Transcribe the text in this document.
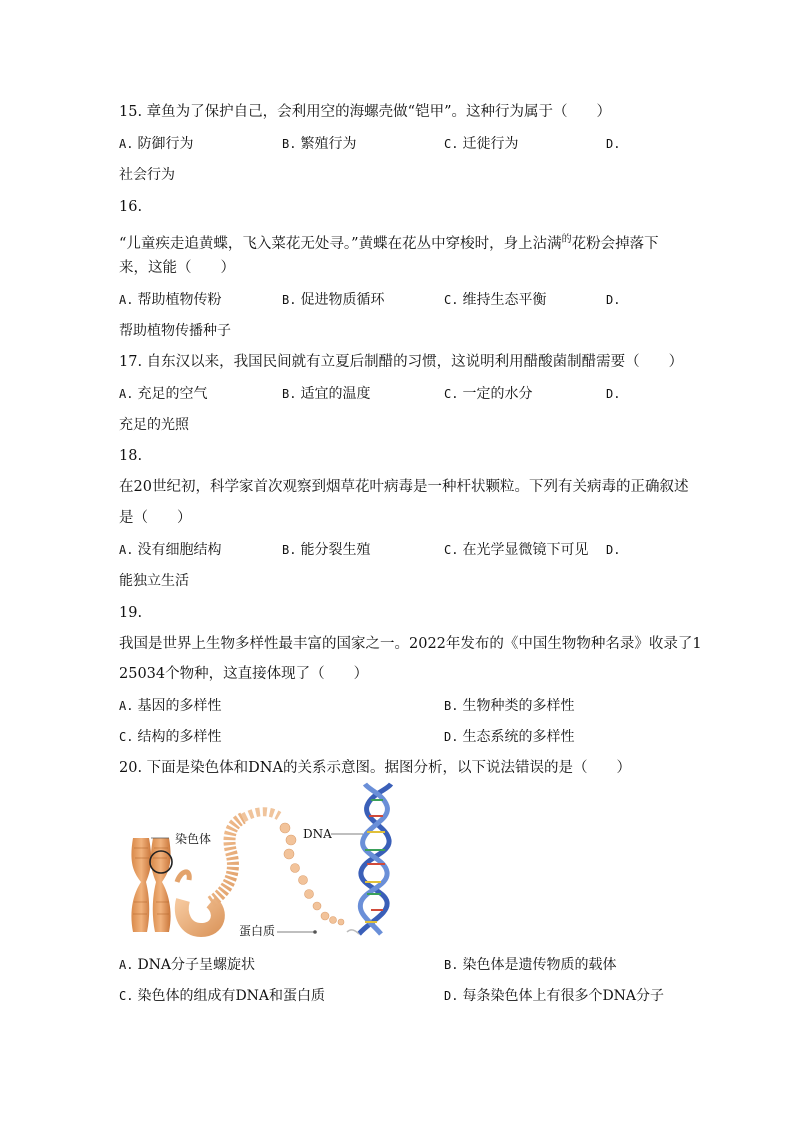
15. 章鱼为了保护自己，会利用空的海螺壳做“铠甲”。这种行为属于（　　）
A. 防御行为	B. 繁殖行为	C. 迁徙行为	D.
社会行为
16.
“儿童疾走追黄蝶，飞入菜花无处寻。”黄蝶在花丛中穿梭时，身上沾满$^的$花粉会掉落下
来，这能（　　）
A. 帮助植物传粉	B. 促进物质循环	C. 维持生态平衡	D.
帮助植物传播种子
17. 自东汉以来，我国民间就有立夏后制醋的习惯，这说明利用醋酸菌制醋需要（　　）
A. 充足的空气	B. 适宜的温度	C. 一定的水分	D.
充足的光照
18.
在20世纪初，科学家首次观察到烟草花叶病毒是一种杆状颗粒。下列有关病毒的正确叙述
是（　　）
A. 没有细胞结构	B. 能分裂生殖	C. 在光学显微镜下可见 D.
能独立生活
19.
我国是世界上生物多样性最丰富的国家之一。2022年发布的《中国生物物种名录》收录了1
25034个物种，这直接体现了（　　）
A. 基因的多样性	B. 生物种类的多样性
C. 结构的多样性	D. 生态系统的多样性
20. 下面是染色体和DNA的关系示意图。据图分析，以下说法错误的是（　　）
染色体	DNA
蛋白质
A. DNA分子呈螺旋状	B. 染色体是遗传物质的载体
C. 染色体的组成有DNA和蛋白质	D. 每条染色体上有很多个DNA分子
